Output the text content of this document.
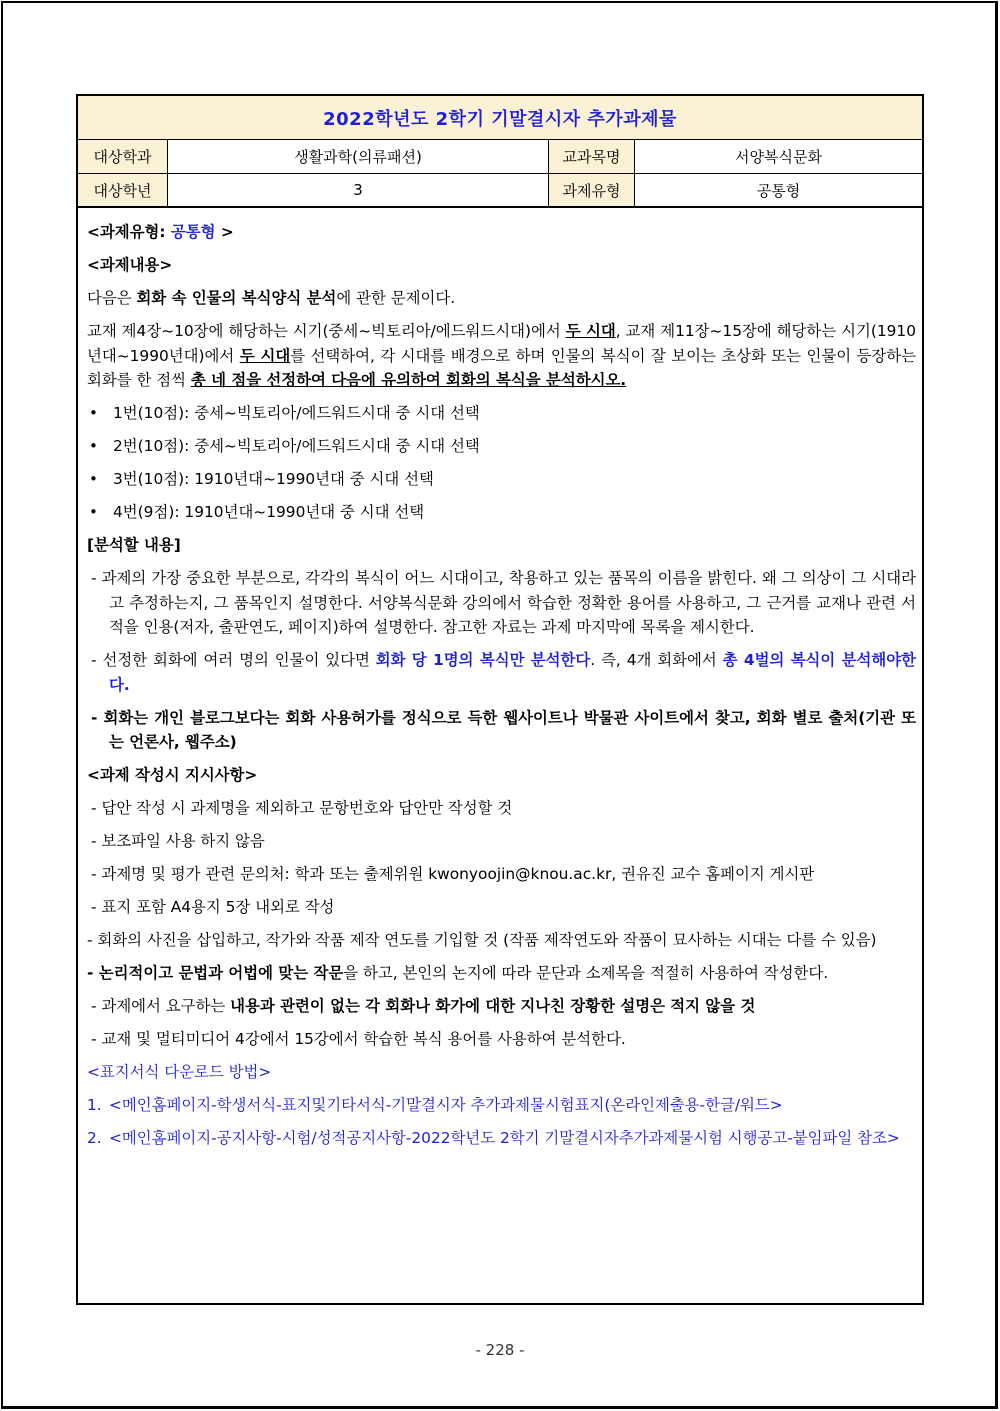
2022학년도 2학기 기말결시자 추가과제물
대상학과	생활과학(의류패션)	교과목명	서양복식문화
대상학년	3	과제유형	공통형
<과제유형: 공통형 >
<과제내용>
다음은 회화 속 인물의 복식양식 분석에 관한 문제이다.
교재 제4장~10장에 해당하는 시기(중세~빅토리아/에드워드시대)에서 두 시대, 교재 제11장~15장에 해당하는 시기(1910년대~1990년대)에서 두 시대를 선택하여, 각 시대를 배경으로 하며 인물의 복식이 잘 보이는 초상화 또는 인물이 등장하는 회화를 한 점씩 총 네 점을 선정하여 다음에 유의하여 회화의 복식을 분석하시오.
• 1번(10점): 중세~빅토리아/에드워드시대 중 시대 선택
• 2번(10점): 중세~빅토리아/에드워드시대 중 시대 선택
• 3번(10점): 1910년대~1990년대 중 시대 선택
• 4번(9점): 1910년대~1990년대 중 시대 선택
[분석할 내용]
- 과제의 가장 중요한 부분으로, 각각의 복식이 어느 시대이고, 착용하고 있는 품목의 이름을 밝힌다. 왜 그 의상이 그 시대라고 추정하는지, 그 품목인지 설명한다. 서양복식문화 강의에서 학습한 정확한 용어를 사용하고, 그 근거를 교재나 관련 서적을 인용(저자, 출판연도, 페이지)하여 설명한다. 참고한 자료는 과제 마지막에 목록을 제시한다.
- 선정한 회화에 여러 명의 인물이 있다면 회화 당 1명의 복식만 분석한다. 즉, 4개 회화에서 총 4벌의 복식이 분석해야한다.
- 회화는 개인 블로그보다는 회화 사용허가를 정식으로 득한 웹사이트나 박물관 사이트에서 찾고, 회화 별로 출처(기관 또는 언론사, 웹주소)
<과제 작성시 지시사항>
- 답안 작성 시 과제명을 제외하고 문항번호와 답안만 작성할 것
- 보조파일 사용 하지 않음
- 과제명 및 평가 관련 문의처: 학과 또는 출제위원 kwonyoojin@knou.ac.kr, 권유진 교수 홈페이지 게시판
- 표지 포함 A4용지 5장 내외로 작성
- 회화의 사진을 삽입하고, 작가와 작품 제작 연도를 기입할 것 (작품 제작연도와 작품이 묘사하는 시대는 다를 수 있음)
- 논리적이고 문법과 어법에 맞는 작문을 하고, 본인의 논지에 따라 문단과 소제목을 적절히 사용하여 작성한다.
- 과제에서 요구하는 내용과 관련이 없는 각 회화나 화가에 대한 지나친 장황한 설명은 적지 않을 것
- 교재 및 멀티미디어 4강에서 15강에서 학습한 복식 용어를 사용하여 분석한다.
<표지서식 다운로드 방법>
1. <메인홈페이지-학생서식-표지및기타서식-기말결시자 추가과제물시험표지(온라인제출용-한글/워드>
2. <메인홈페이지-공지사항-시험/성적공지사항-2022학년도 2학기 기말결시자추가과제물시험 시행공고-붙임파일 참조>
- 228 -
